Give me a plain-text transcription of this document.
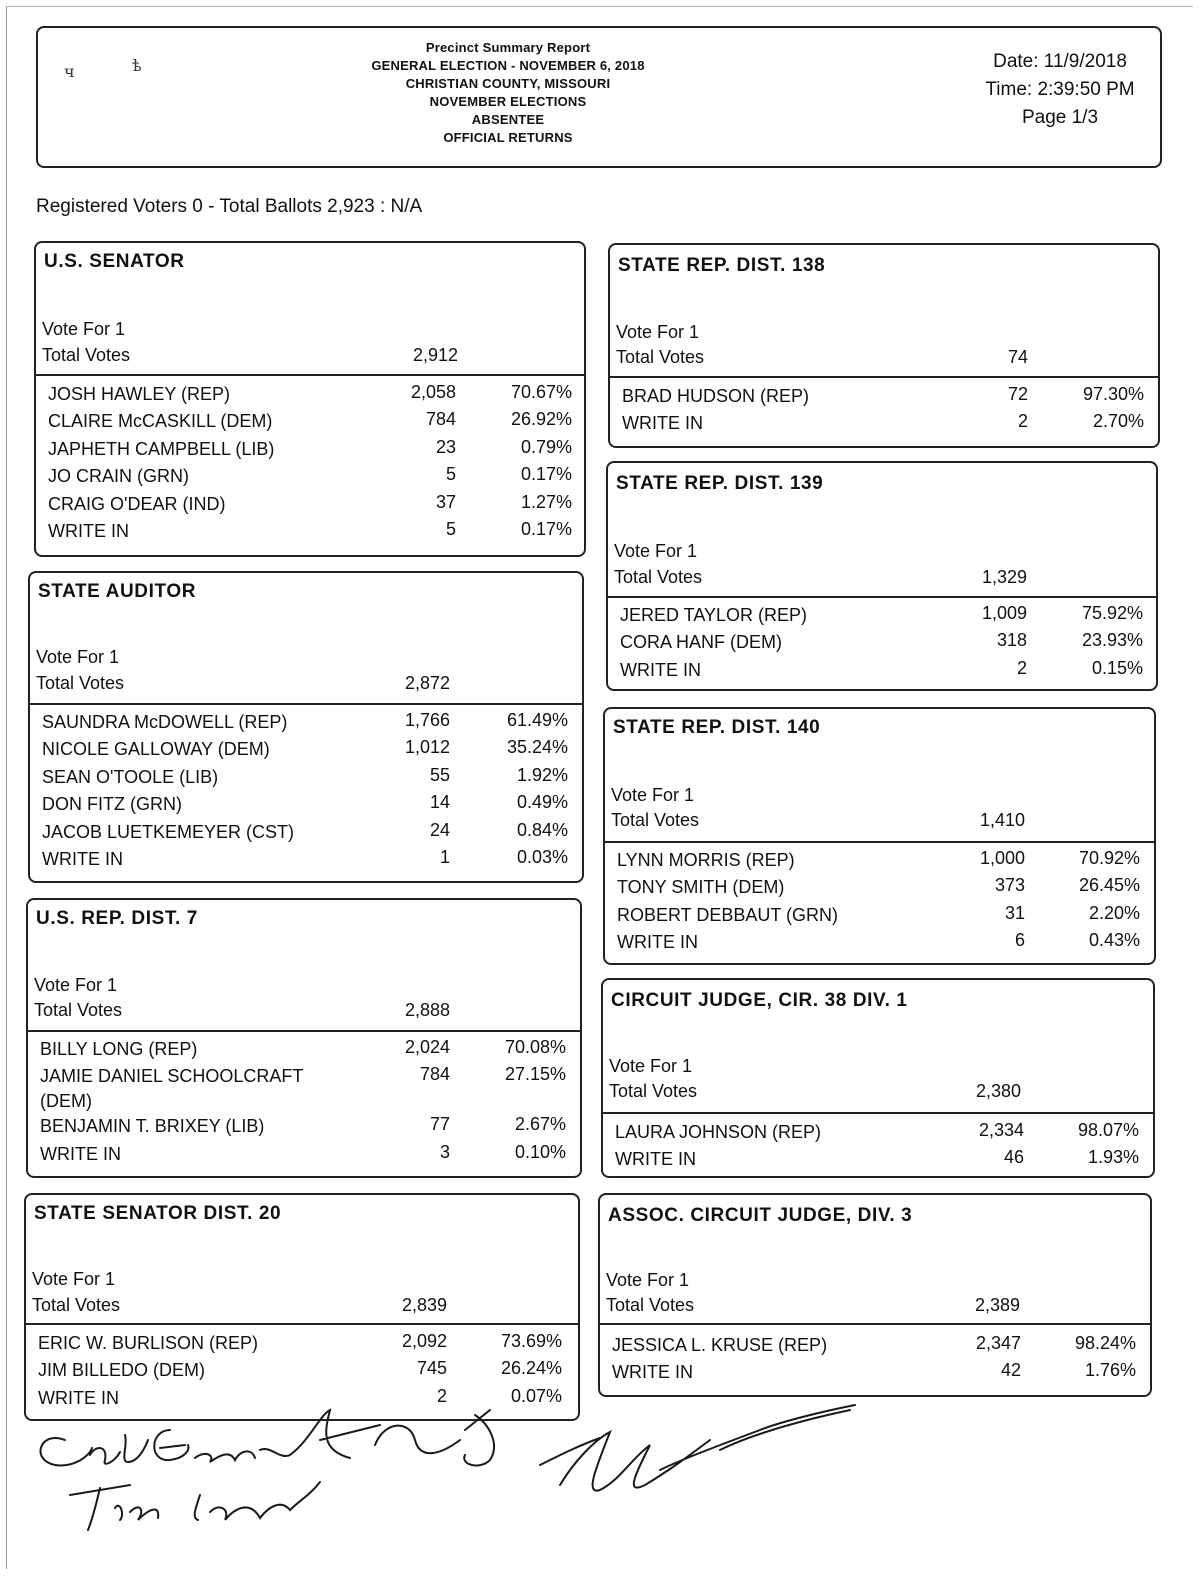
ч	ѣ
Precinct Summary Report
GENERAL ELECTION - NOVEMBER 6, 2018
CHRISTIAN COUNTY, MISSOURI
NOVEMBER ELECTIONS
ABSENTEE
OFFICIAL RETURNS
Date: 11/9/2018
Time: 2:39:50 PM
Page 1/3
Registered Voters 0 - Total Ballots 2,923 : N/A
U.S. SENATOR
Vote For 1
Total Votes	2,912
JOSH HAWLEY (REP)	2,058	70.67%
CLAIRE McCASKILL (DEM)	784	26.92%
JAPHETH CAMPBELL (LIB)	23	0.79%
JO CRAIN (GRN)	5	0.17%
CRAIG O'DEAR (IND)	37	1.27%
WRITE IN	5	0.17%
STATE AUDITOR
Vote For 1
Total Votes	2,872
SAUNDRA McDOWELL (REP)	1,766	61.49%
NICOLE GALLOWAY (DEM)	1,012	35.24%
SEAN O'TOOLE (LIB)	55	1.92%
DON FITZ (GRN)	14	0.49%
JACOB LUETKEMEYER (CST)	24	0.84%
WRITE IN	1	0.03%
U.S. REP. DIST. 7
Vote For 1
Total Votes	2,888
BILLY LONG (REP)	2,024	70.08%
JAMIE DANIEL SCHOOLCRAFT (DEM)
784	27.15%
BENJAMIN T. BRIXEY (LIB)	77	2.67%
WRITE IN	3	0.10%
STATE SENATOR DIST. 20
Vote For 1
Total Votes	2,839
ERIC W. BURLISON (REP)	2,092	73.69%
JIM BILLEDO (DEM)	745	26.24%
WRITE IN	2	0.07%
STATE REP. DIST. 138
Vote For 1
Total Votes	74
BRAD HUDSON (REP)	72	97.30%
WRITE IN	2	2.70%
STATE REP. DIST. 139
Vote For 1
Total Votes	1,329
JERED TAYLOR (REP)	1,009	75.92%
CORA HANF (DEM)	318	23.93%
WRITE IN	2	0.15%
STATE REP. DIST. 140
Vote For 1
Total Votes	1,410
LYNN MORRIS (REP)	1,000	70.92%
TONY SMITH (DEM)	373	26.45%
ROBERT DEBBAUT (GRN)	31	2.20%
WRITE IN	6	0.43%
CIRCUIT JUDGE, CIR. 38 DIV. 1
Vote For 1
Total Votes	2,380
LAURA JOHNSON (REP)	2,334	98.07%
WRITE IN	46	1.93%
ASSOC. CIRCUIT JUDGE, DIV. 3
Vote For 1
Total Votes	2,389
JESSICA L. KRUSE (REP)	2,347	98.24%
WRITE IN	42	1.76%
